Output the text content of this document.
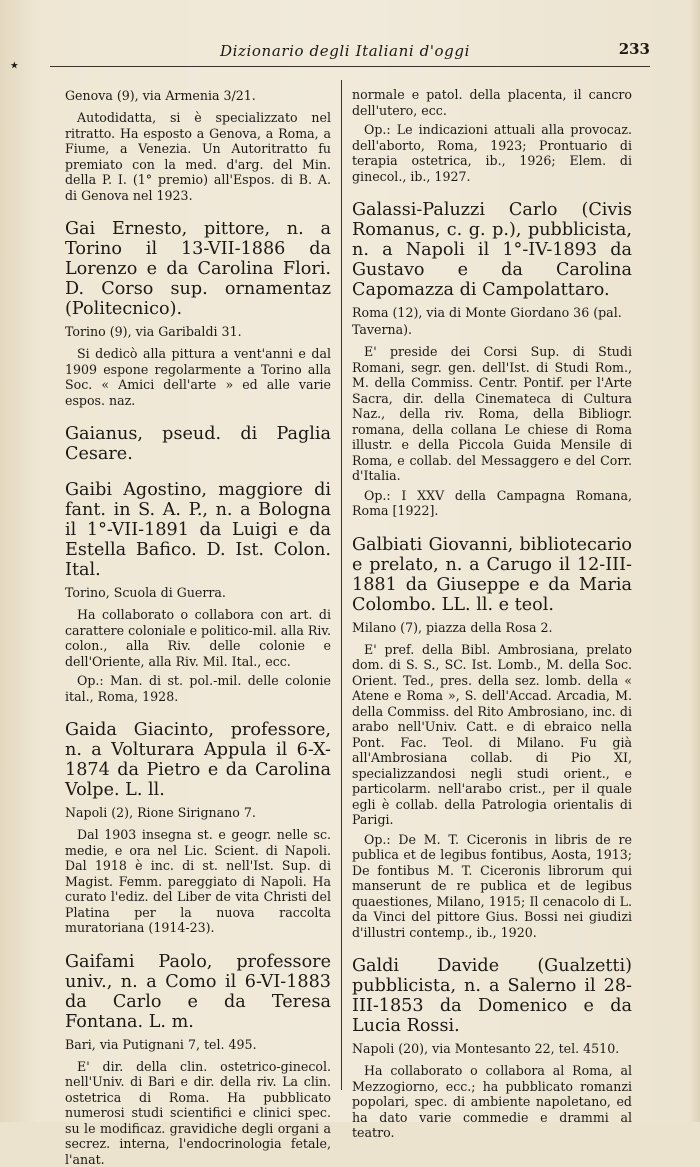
٭
Dizionario degli Italiani d'oggi	233

Genova (9), via Armenia 3/21.

Autodidatta, si è specializzato nel ritratto. Ha esposto a Genova, a Roma, a Fiume, a Venezia. Un Autoritratto fu premiato con la med. d'arg. del Min. della P. I. (1° premio) all'Espos. di B. A. di Genova nel 1923.

Gai Ernesto, pittore, n. a Torino il 13-VII-1886 da Lorenzo e da Carolina Flori. D. Corso sup. ornamentaz (Politecnico).

Torino (9), via Garibaldi 31.

Si dedicò alla pittura a vent'anni e dal 1909 espone regolarmente a Torino alla Soc. « Amici dell'arte » ed alle varie espos. naz.

Gaianus, pseud. di Paglia Cesare.

Gaibi Agostino, maggiore di fant. in S. A. P., n. a Bologna il 1°-VII-1891 da Luigi e da Estella Bafico. D. Ist. Colon. Ital.

Torino, Scuola di Guerra.

Ha collaborato o collabora con art. di carattere coloniale e politico-mil. alla Riv. colon., alla Riv. delle colonie e dell'Oriente, alla Riv. Mil. Ital., ecc.

Op.: Man. di st. pol.-mil. delle colonie ital., Roma, 1928.

Gaida Giacinto, professore, n. a Volturara Appula il 6-X-1874 da Pietro e da Carolina Volpe. L. ll.

Napoli (2), Rione Sirignano 7.

Dal 1903 insegna st. e geogr. nelle sc. medie, e ora nel Lic. Scient. di Napoli. Dal 1918 è inc. di st. nell'Ist. Sup. di Magist. Femm. pareggiato di Napoli. Ha curato l'ediz. del Liber de vita Christi del Platina per la nuova raccolta muratoriana (1914-23).

Gaifami Paolo, professore univ., n. a Como il 6-VI-1883 da Carlo e da Teresa Fontana. L. m.

Bari, via Putignani 7, tel. 495.

E' dir. della clin. ostetrico-ginecol. nell'Univ. di Bari e dir. della riv. La clin. ostetrica di Roma. Ha pubblicato numerosi studi scientifici e clinici spec. su le modificaz. gravidiche degli organi a secrez. interna, l'endocrinologia fetale, l'anat.

normale e patol. della placenta, il cancro dell'utero, ecc.

Op.: Le indicazioni attuali alla provocaz. dell'aborto, Roma, 1923; Prontuario di terapia ostetrica, ib., 1926; Elem. di ginecol., ib., 1927.

Galassi-Paluzzi Carlo (Civis Romanus, c. g. p.), pubblicista, n. a Napoli il 1°-IV-1893 da Gustavo e da Carolina Capomazza di Campolattaro.

Roma (12), via di Monte Giordano 36 (pal. Taverna).

E' preside dei Corsi Sup. di Studi Romani, segr. gen. dell'Ist. di Studi Rom., M. della Commiss. Centr. Pontif. per l'Arte Sacra, dir. della Cinemateca di Cultura Naz., della riv. Roma, della Bibliogr. romana, della collana Le chiese di Roma illustr. e della Piccola Guida Mensile di Roma, e collab. del Messaggero e del Corr. d'Italia.

Op.: I XXV della Campagna Romana, Roma [1922].

Galbiati Giovanni, bibliotecario e prelato, n. a Carugo il 12-III-1881 da Giuseppe e da Maria Colombo. LL. ll. e teol.

Milano (7), piazza della Rosa 2.

E' pref. della Bibl. Ambrosiana, prelato dom. di S. S., SC. Ist. Lomb., M. della Soc. Orient. Ted., pres. della sez. lomb. della « Atene e Roma », S. dell'Accad. Arcadia, M. della Commiss. del Rito Ambrosiano, inc. di arabo nell'Univ. Catt. e di ebraico nella Pont. Fac. Teol. di Milano. Fu già all'Ambrosiana collab. di Pio XI, specializzandosi negli studi orient., e particolarm. nell'arabo crist., per il quale egli è collab. della Patrologia orientalis di Parigi.

Op.: De M. T. Ciceronis in libris de re publica et de legibus fontibus, Aosta, 1913; De fontibus M. T. Ciceronis librorum qui manserunt de re publica et de legibus quaestiones, Milano, 1915; Il cenacolo di L. da Vinci del pittore Gius. Bossi nei giudizi d'illustri contemp., ib., 1920.

Galdi Davide (Gualzetti) pubblicista, n. a Salerno il 28-III-1853 da Domenico e da Lucia Rossi.

Napoli (20), via Montesanto 22, tel. 4510.

Ha collaborato o collabora al Roma, al Mezzogiorno, ecc.; ha pubblicato romanzi popolari, spec. di ambiente napoletano, ed ha dato varie commedie e drammi al teatro.
